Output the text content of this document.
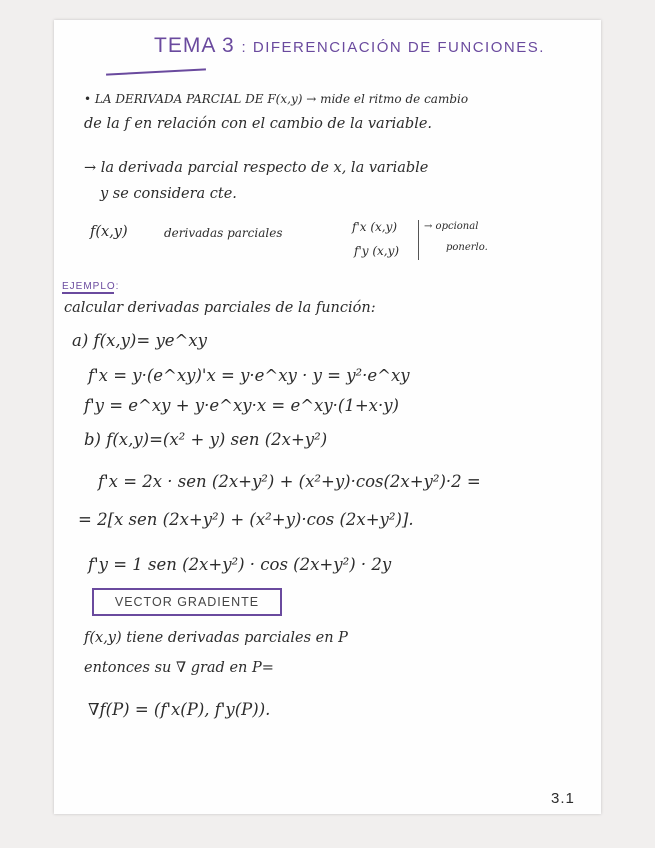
TEMA 3 : DIFERENCIACIÓN DE FUNCIONES.
• LA DERIVADA PARCIAL DE F(x,y) → mide el ritmo de cambio
de la f en relación con el cambio de la variable.
→ la derivada parcial respecto de x, la variable
y se considera cte.
f(x,y)	derivadas parciales	f'x (x,y)
f'y (x,y)
→ opcional
ponerlo.
EJEMPLO:
calcular derivadas parciales de la función:
a) f(x,y)= ye^xy
f'x = y·(e^xy)'x = y·e^xy · y = y²·e^xy
f'y = e^xy + y·e^xy·x = e^xy·(1+x·y)
b) f(x,y)=(x² + y) sen (2x+y²)
f'x = 2x · sen (2x+y²) + (x²+y)·cos(2x+y²)·2 =
= 2[x sen (2x+y²) + (x²+y)·cos (2x+y²)].
f'y = 1 sen (2x+y²) · cos (2x+y²) · 2y
VECTOR GRADIENTE
f(x,y) tiene derivadas parciales en P
entonces su ∇ grad en P=
∇f(P) = (f'x(P), f'y(P)).
3.1
